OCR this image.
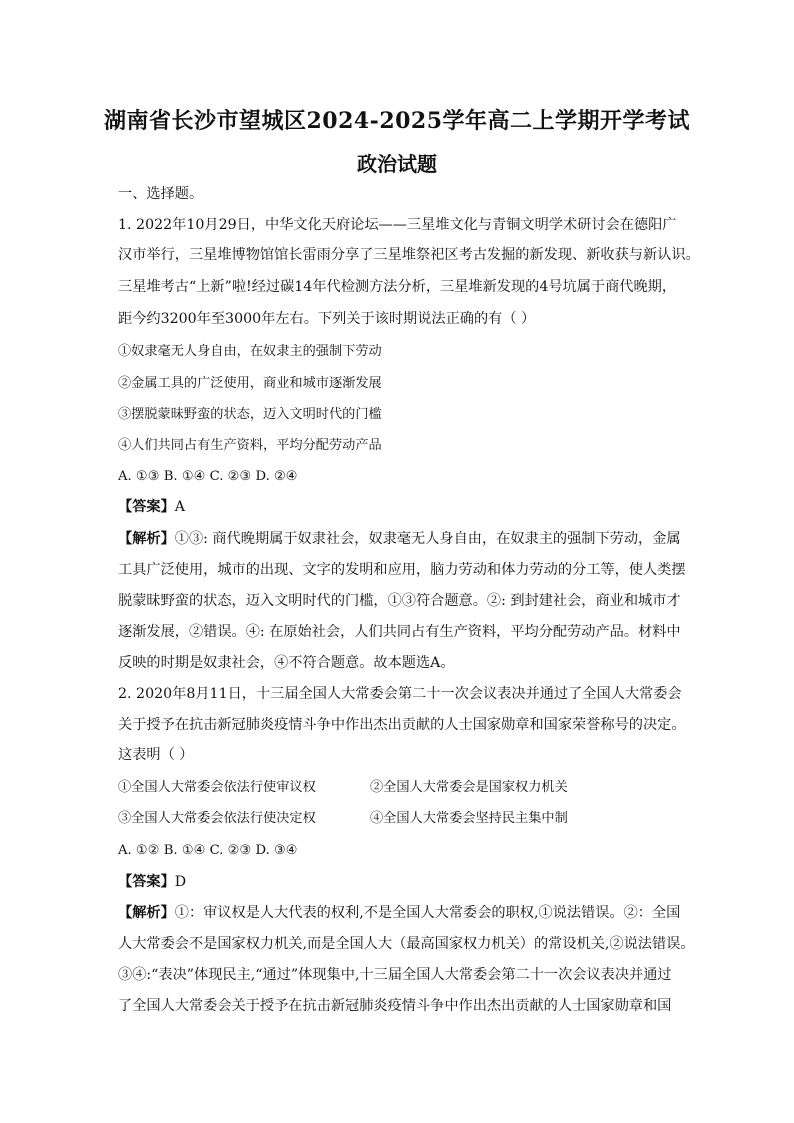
湖南省长沙市望城区2024-2025学年高二上学期开学考试
政治试题
一、选择题。
1. 2022年10月29日，中华文化天府论坛——三星堆文化与青铜文明学术研讨会在德阳广
汉市举行，三星堆博物馆馆长雷雨分享了三星堆祭祀区考古发掘的新发现、新收获与新认识。
三星堆考古“上新”啦!经过碳14年代检测方法分析，三星堆新发现的4号坑属于商代晚期，
距今约3200年至3000年左右。下列关于该时期说法正确的有（ ）
①奴隶毫无人身自由，在奴隶主的强制下劳动
②金属工具的广泛使用，商业和城市逐渐发展
③摆脱蒙昧野蛮的状态，迈入文明时代的门槛
④人们共同占有生产资料，平均分配劳动产品
A. ①③ B. ①④ C. ②③ D. ②④
【答案】A
【解析】①③: 商代晚期属于奴隶社会，奴隶毫无人身自由，在奴隶主的强制下劳动，金属
工具广泛使用，城市的出现、文字的发明和应用，脑力劳动和体力劳动的分工等，使人类摆
脱蒙昧野蛮的状态，迈入文明时代的门槛，①③符合题意。②: 到封建社会，商业和城市才
逐渐发展，②错误。④: 在原始社会，人们共同占有生产资料，平均分配劳动产品。材料中
反映的时期是奴隶社会，④不符合题意。故本题选A。
2. 2020年8月11日，十三届全国人大常委会第二十一次会议表决并通过了全国人大常委会
关于授予在抗击新冠肺炎疫情斗争中作出杰出贡献的人士国家勋章和国家荣誉称号的决定。
这表明（ ）
①全国人大常委会依法行使审议权	②全国人大常委会是国家权力机关
③全国人大常委会依法行使决定权	④全国人大常委会坚持民主集中制
A. ①② B. ①④ C. ②③ D. ③④
【答案】D
【解析】①：审议权是人大代表的权利,不是全国人大常委会的职权,①说法错误。②：全国
人大常委会不是国家权力机关,而是全国人大（最高国家权力机关）的常设机关,②说法错误。
③④:“表决”体现民主,“通过”体现集中,十三届全国人大常委会第二十一次会议表决并通过
了全国人大常委会关于授予在抗击新冠肺炎疫情斗争中作出杰出贡献的人士国家勋章和国
